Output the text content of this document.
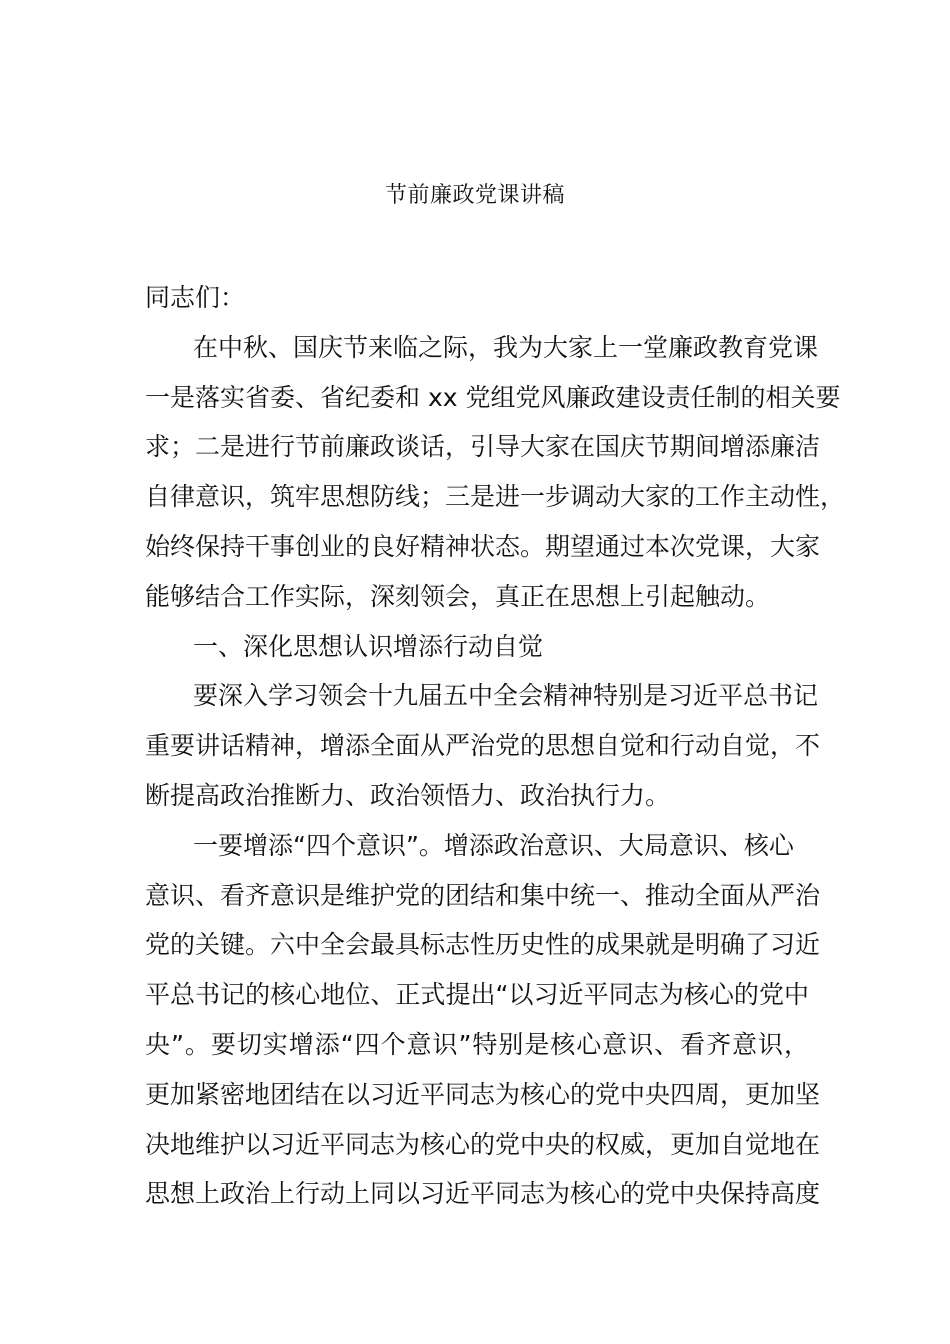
节前廉政党课讲稿
同志们：
在中秋、国庆节来临之际，我为大家上一堂廉政教育党课
一是落实省委、省纪委和 xx 党组党风廉政建设责任制的相关要
求；二是进行节前廉政谈话，引导大家在国庆节期间增添廉洁
自律意识，筑牢思想防线；三是进一步调动大家的工作主动性，
始终保持干事创业的良好精神状态。期望通过本次党课，大家
能够结合工作实际，深刻领会，真正在思想上引起触动。
一、深化思想认识增添行动自觉
要深入学习领会十九届五中全会精神特别是习近平总书记
重要讲话精神，增添全面从严治党的思想自觉和行动自觉，不
断提高政治推断力、政治领悟力、政治执行力。
一要增添“四个意识”。增添政治意识、大局意识、核心
意识、看齐意识是维护党的团结和集中统一、推动全面从严治
党的关键。六中全会最具标志性历史性的成果就是明确了习近
平总书记的核心地位、正式提出“以习近平同志为核心的党中
央”。要切实增添“四个意识”特别是核心意识、看齐意识，
更加紧密地团结在以习近平同志为核心的党中央四周，更加坚
决地维护以习近平同志为核心的党中央的权威，更加自觉地在
思想上政治上行动上同以习近平同志为核心的党中央保持高度
